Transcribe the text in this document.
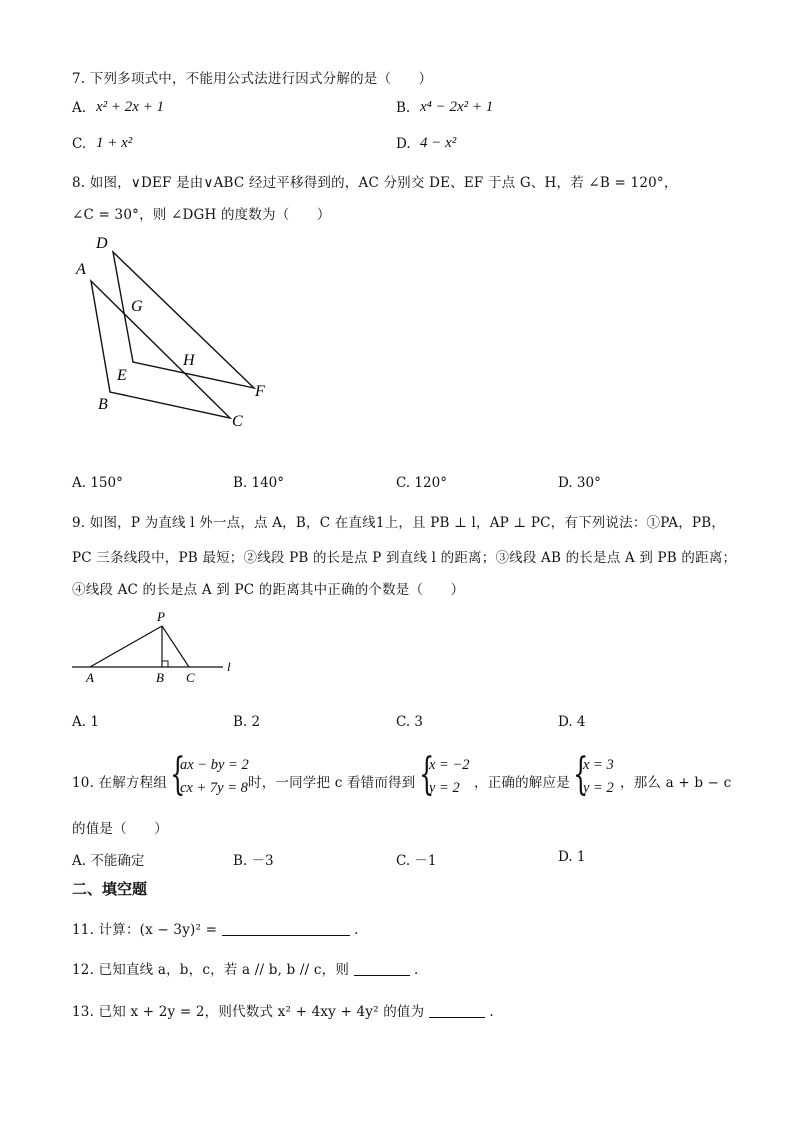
7. 下列多项式中，不能用公式法进行因式分解的是（　　）
A. x² + 2x + 1	B. x⁴ − 2x² + 1
C. 1 + x²	D. 4 − x²
8. 如图，∨DEF 是由∨ABC 经过平移得到的，AC 分别交 DE、EF 于点 G、H，若 ∠B = 120°，
∠C = 30°，则 ∠DGH 的度数为（　　）
D
A
G
H
E
F
B
C
A. 150°	B. 140°	C. 120°	D. 30°
9. 如图，P 为直线 l 外一点，点 A，B，C 在直线1上，且 PB ⊥ l，AP ⊥ PC，有下列说法：①PA，PB，
PC 三条线段中，PB 最短；②线段 PB 的长是点 P 到直线 l 的距离；③线段 AB 的长是点 A 到 PB 的距离；
④线段 AC 的长是点 A 到 PC 的距离其中正确的个数是（　　）
P
A	B C
l
A. 1	B. 2	C. 3	D. 4
10. 在解方程组 {
ax − by = 2
cx + 7y = 8 时，一同学把 c 看错而得到 {
x = −2
y = 2 ，正确的解应是 {
x = 3
y = 2 ，那么 a + b − c
的值是（　　）
A. 不能确定	B. －3	C. －1	D. 1
二、填空题
11. 计算：(x − 3y)² =	.
12. 已知直线 a，b，c，若 a // b, b // c，则	.
13. 已知 x + 2y = 2，则代数式 x² + 4xy + 4y² 的值为	.
